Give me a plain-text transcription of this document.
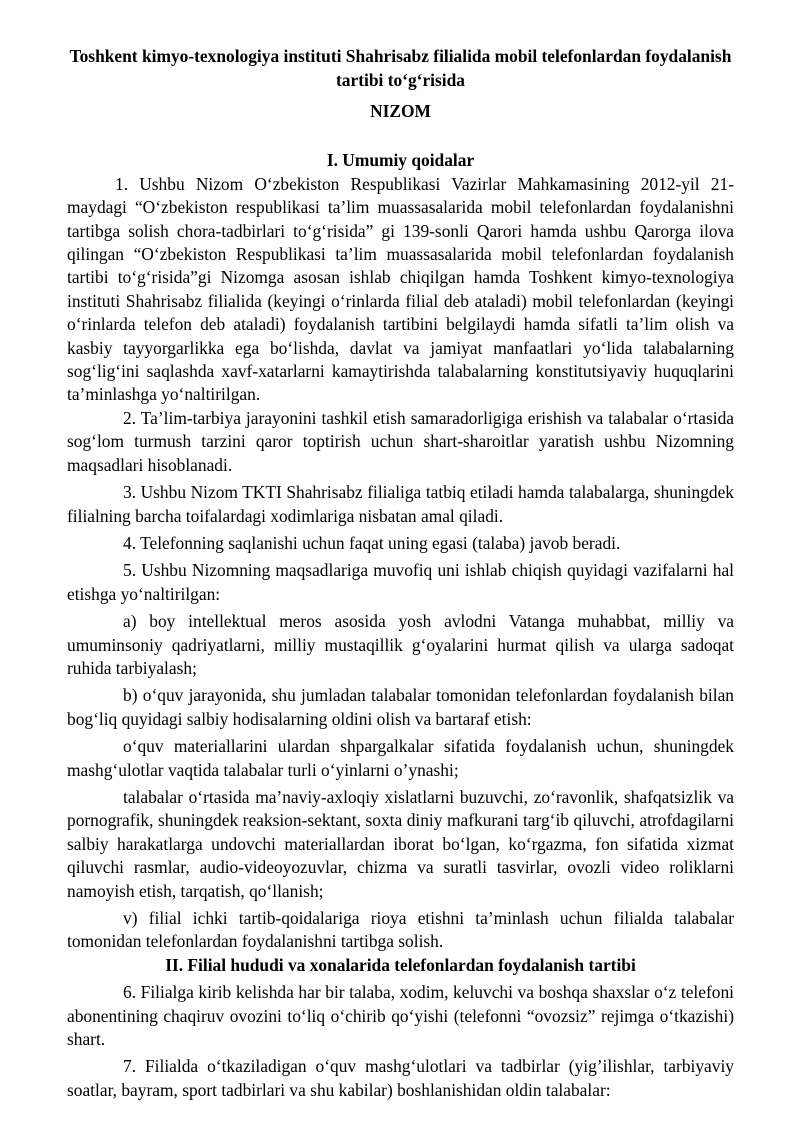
Toshkent kimyo-texnologiya instituti Shahrisabz filialida mobil telefonlardan foydalanish tartibi to‘g‘risida
NIZOM
I. Umumiy qoidalar

1. Ushbu Nizom O‘zbekiston Respublikasi Vazirlar Mahkamasining 2012-yil 21-maydagi “O‘zbekiston respublikasi ta’lim muassasalarida mobil telefonlardan foydalanishni tartibga solish chora-tadbirlari to‘g‘risida” gi 139-sonli Qarori hamda ushbu Qarorga ilova qilingan “O‘zbekiston Respublikasi ta’lim muassasalarida mobil telefonlardan foydalanish tartibi to‘g‘risida”gi Nizomga asosan ishlab chiqilgan hamda Toshkent kimyo-texnologiya instituti Shahrisabz filialida (keyingi o‘rinlarda filial deb ataladi) mobil telefonlardan (keyingi o‘rinlarda telefon deb ataladi) foydalanish tartibini belgilaydi hamda sifatli ta’lim olish va kasbiy tayyorgarlikka ega bo‘lishda, davlat va jamiyat manfaatlari yo‘lida talabalarning sog‘lig‘ini saqlashda xavf-xatarlarni kamaytirishda talabalarning konstitutsiyaviy huquqlarini ta’minlashga yo‘naltirilgan.

2. Ta’lim-tarbiya jarayonini tashkil etish samaradorligiga erishish va talabalar o‘rtasida sog‘lom turmush tarzini qaror toptirish uchun shart-sharoitlar yaratish ushbu Nizomning maqsadlari hisoblanadi.

3. Ushbu Nizom TKTI Shahrisabz filialiga tatbiq etiladi hamda talabalarga, shuningdek filialning barcha toifalardagi xodimlariga nisbatan amal qiladi.

4. Telefonning saqlanishi uchun faqat uning egasi (talaba) javob beradi.

5. Ushbu Nizomning maqsadlariga muvofiq uni ishlab chiqish quyidagi vazifalarni hal etishga yo‘naltirilgan:

a) boy intellektual meros asosida yosh avlodni Vatanga muhabbat, milliy va umuminsoniy qadriyatlarni, milliy mustaqillik g‘oyalarini hurmat qilish va ularga sadoqat ruhida tarbiyalash;

b) o‘quv jarayonida, shu jumladan talabalar tomonidan telefonlardan foydalanish bilan bog‘liq quyidagi salbiy hodisalarning oldini olish va bartaraf etish:

o‘quv materiallarini ulardan shpargalkalar sifatida foydalanish uchun, shuningdek mashg‘ulotlar vaqtida talabalar turli o‘yinlarni o’ynashi;

talabalar o‘rtasida ma’naviy-axloqiy xislatlarni buzuvchi, zo‘ravonlik, shafqatsizlik va pornografik, shuningdek reaksion-sektant, soxta diniy mafkurani targ‘ib qiluvchi, atrofdagilarni salbiy harakatlarga undovchi materiallardan iborat bo‘lgan, ko‘rgazma, fon sifatida xizmat qiluvchi rasmlar, audio-videoyozuvlar, chizma va suratli tasvirlar, ovozli video roliklarni namoyish etish, tarqatish, qo‘llanish;

v) filial ichki tartib-qoidalariga rioya etishni ta’minlash uchun filialda talabalar tomonidan telefonlardan foydalanishni tartibga solish.

II. Filial hududi va xonalarida telefonlardan foydalanish tartibi

6. Filialga kirib kelishda har bir talaba, xodim, keluvchi va boshqa shaxslar o‘z telefoni abonentining chaqiruv ovozini to‘liq o‘chirib qo‘yishi (telefonni “ovozsiz” rejimga o‘tkazishi) shart.

7. Filialda o‘tkaziladigan o‘quv mashg‘ulotlari va tadbirlar (yig’ilishlar, tarbiyaviy soatlar, bayram, sport tadbirlari va shu kabilar) boshlanishidan oldin talabalar:
